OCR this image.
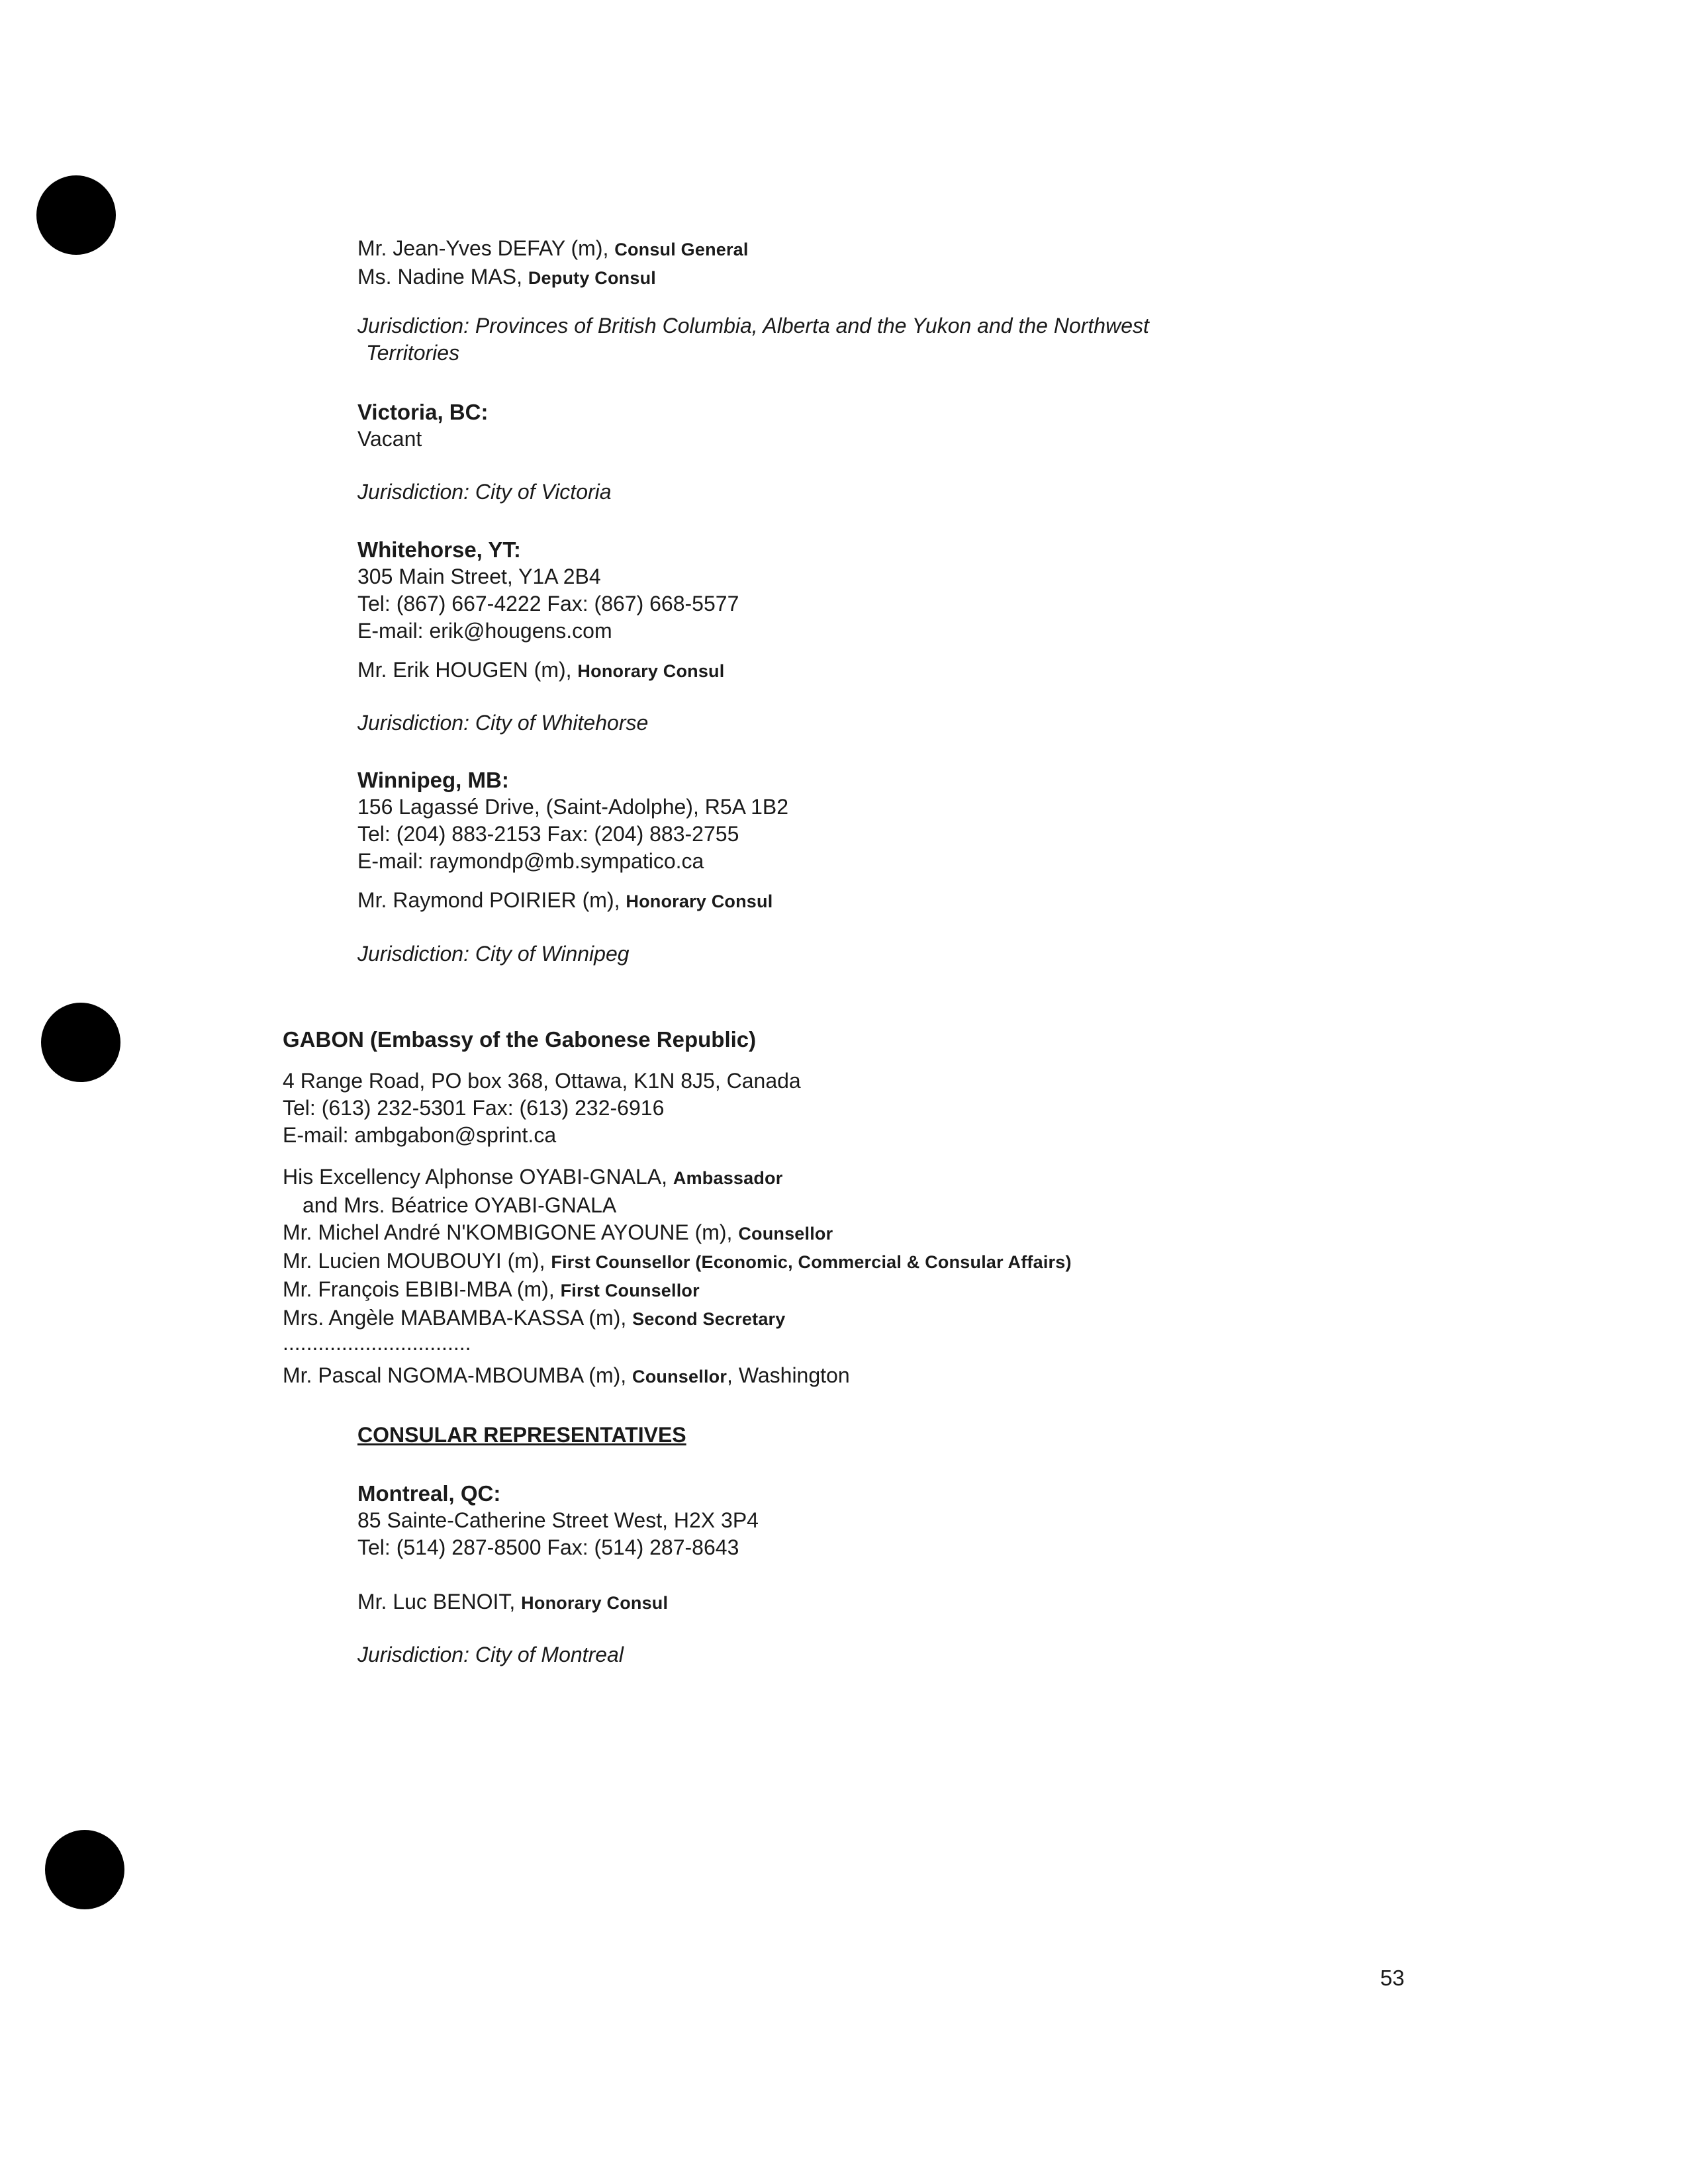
Mr. Jean-Yves DEFAY (m), Consul General
Ms. Nadine MAS, Deputy Consul
Jurisdiction: Provinces of British Columbia, Alberta and the Yukon and the Northwest
Territories
Victoria, BC:
Vacant
Jurisdiction: City of Victoria
Whitehorse, YT:
305 Main Street, Y1A 2B4
Tel: (867) 667-4222 Fax: (867) 668-5577
E-mail: erik@hougens.com
Mr. Erik HOUGEN (m), Honorary Consul
Jurisdiction: City of Whitehorse
Winnipeg, MB:
156 Lagassé Drive, (Saint-Adolphe), R5A 1B2
Tel: (204) 883-2153 Fax: (204) 883-2755
E-mail: raymondp@mb.sympatico.ca
Mr. Raymond POIRIER (m), Honorary Consul
Jurisdiction: City of Winnipeg
GABON (Embassy of the Gabonese Republic)
4 Range Road, PO box 368, Ottawa, K1N 8J5, Canada
Tel: (613) 232-5301 Fax: (613) 232-6916
E-mail: ambgabon@sprint.ca
His Excellency Alphonse OYABI-GNALA, Ambassador
and Mrs. Béatrice OYABI-GNALA
Mr. Michel André N'KOMBIGONE AYOUNE (m), Counsellor
Mr. Lucien MOUBOUYI (m), First Counsellor (Economic, Commercial & Consular Affairs)
Mr. François EBIBI-MBA (m), First Counsellor
Mrs. Angèle MABAMBA-KASSA (m), Second Secretary
................................
Mr. Pascal NGOMA-MBOUMBA (m), Counsellor, Washington
CONSULAR REPRESENTATIVES
Montreal, QC:
85 Sainte-Catherine Street West, H2X 3P4
Tel: (514) 287-8500 Fax: (514) 287-8643
Mr. Luc BENOIT, Honorary Consul
Jurisdiction: City of Montreal
53
